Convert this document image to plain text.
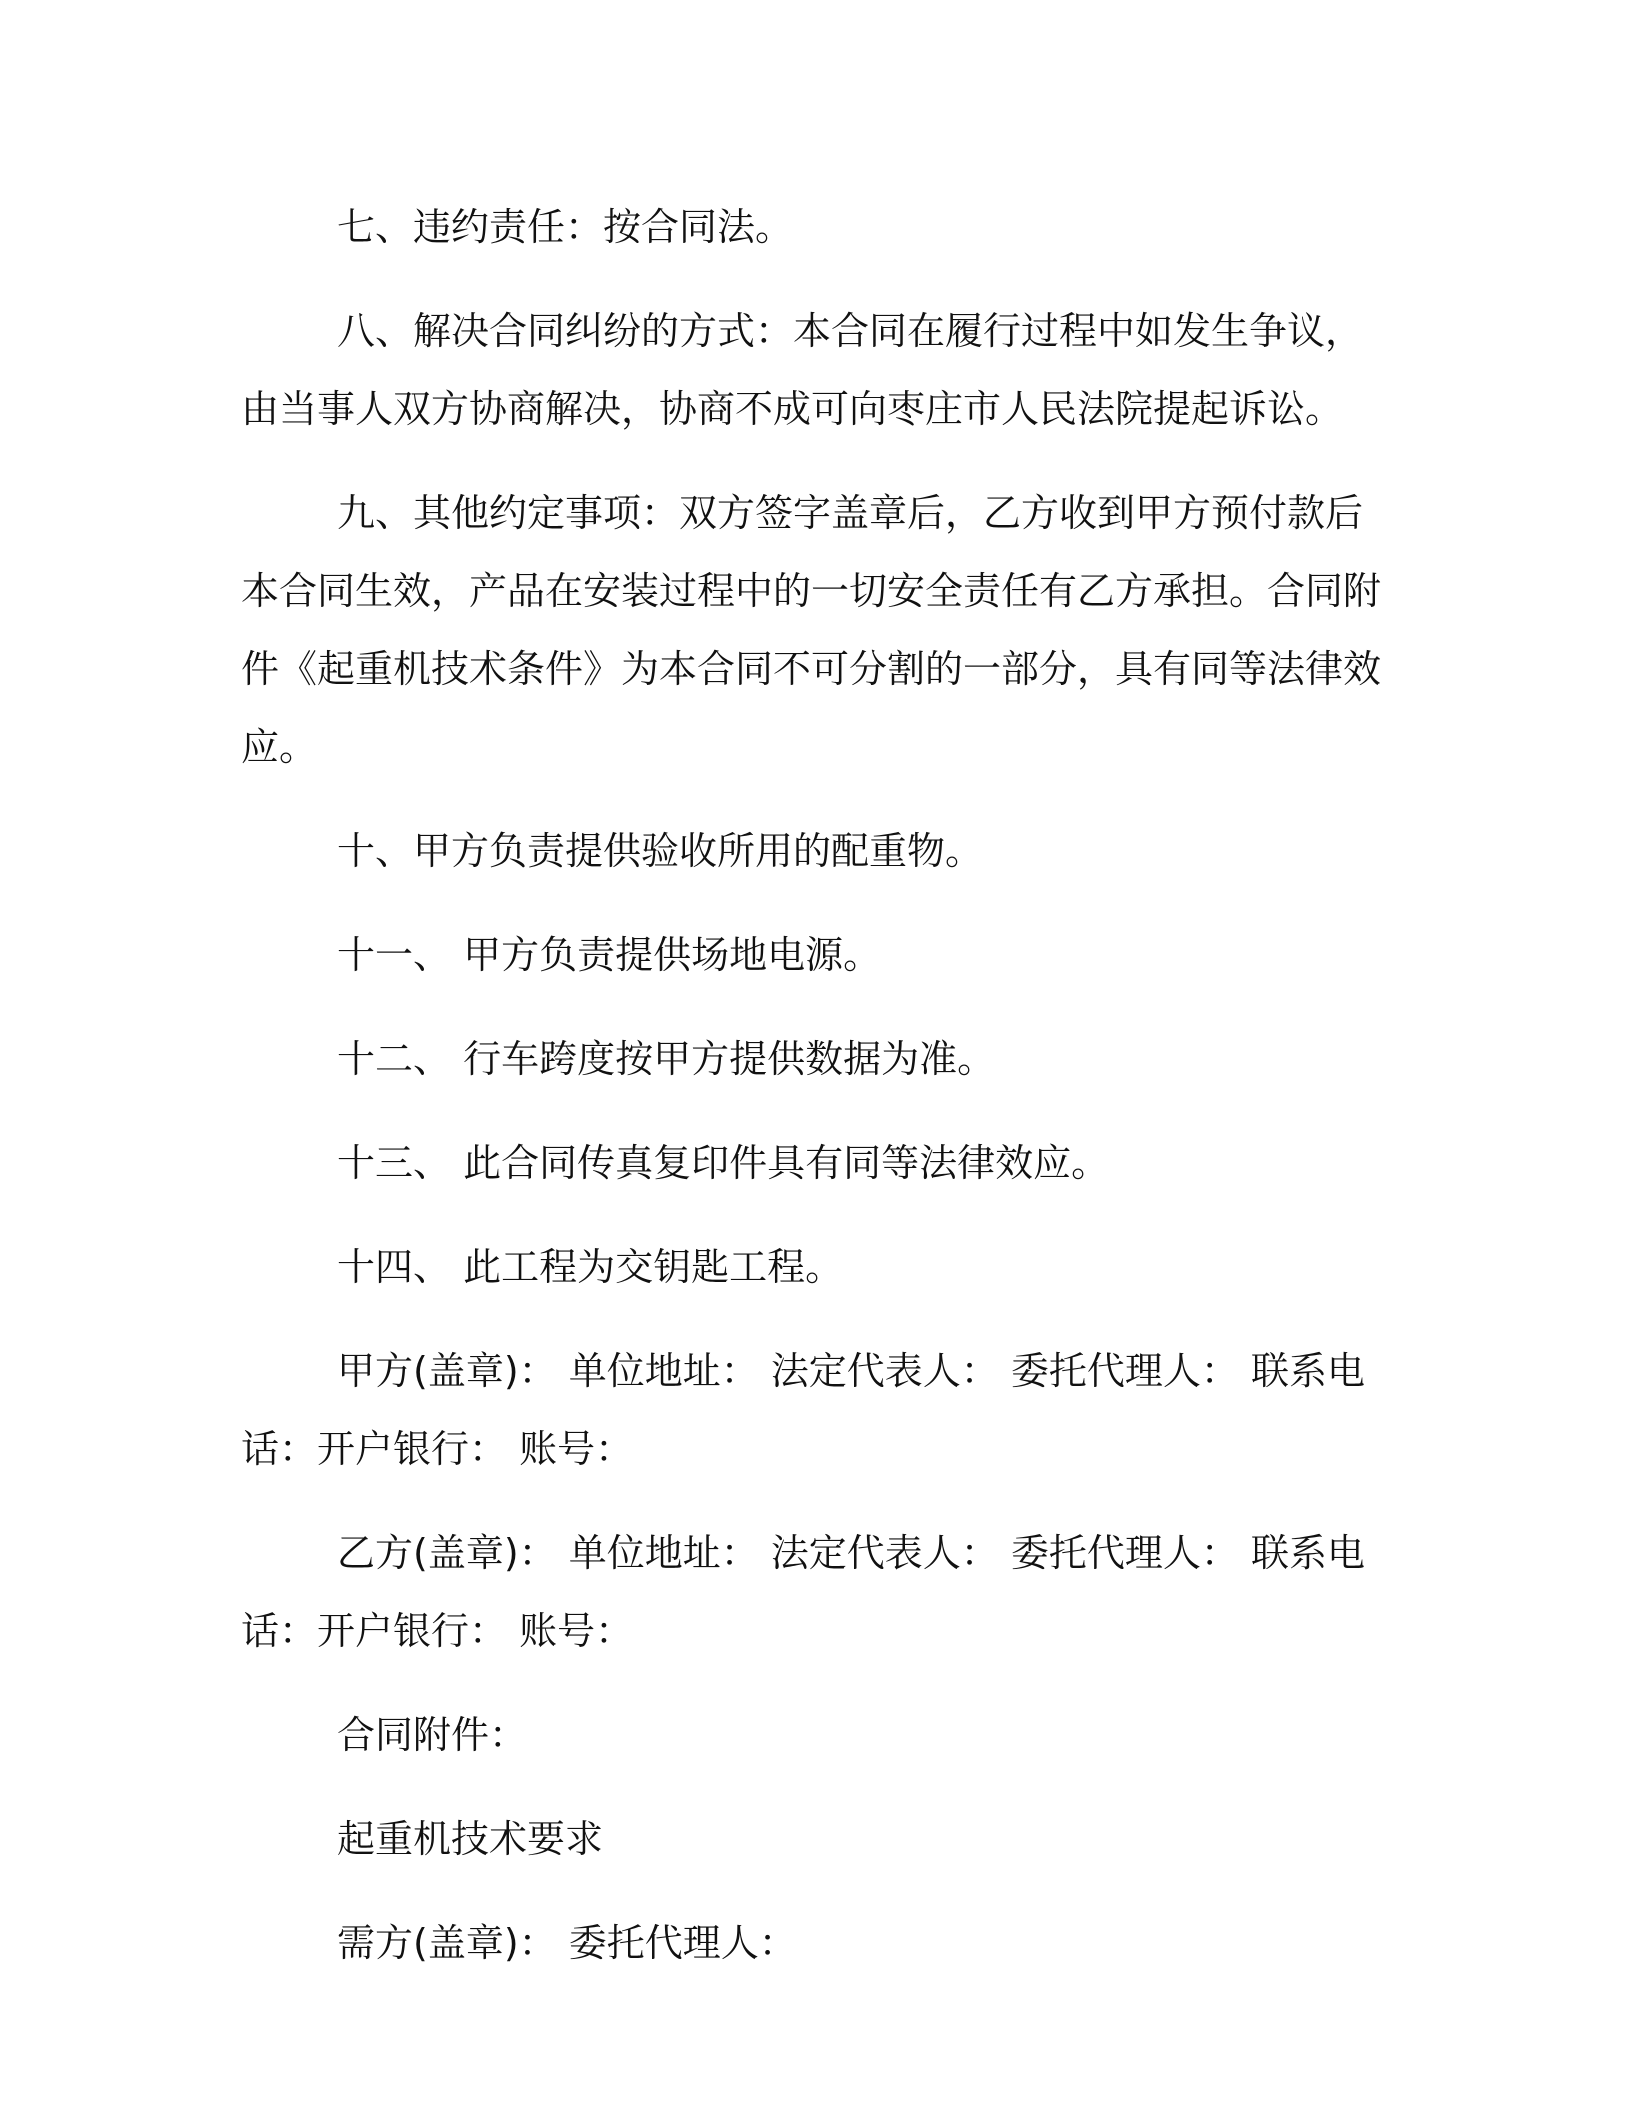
七、违约责任：按合同法。

八、解决合同纠纷的方式：本合同在履行过程中如发生争议，由当事人双方协商解决，协商不成可向枣庄市人民法院提起诉讼。

九、其他约定事项：双方签字盖章后，乙方收到甲方预付款后本合同生效，产品在安装过程中的一切安全责任有乙方承担。合同附件《起重机技术条件》为本合同不可分割的一部分，具有同等法律效应。

十、甲方负责提供验收所用的配重物。

十一、 甲方负责提供场地电源。

十二、 行车跨度按甲方提供数据为准。

十三、 此合同传真复印件具有同等法律效应。

十四、 此工程为交钥匙工程。

甲方(盖章)： 单位地址： 法定代表人： 委托代理人： 联系电话：开户银行： 账号：

乙方(盖章)： 单位地址： 法定代表人： 委托代理人： 联系电话：开户银行： 账号：

合同附件：

起重机技术要求

需方(盖章)： 委托代理人：
